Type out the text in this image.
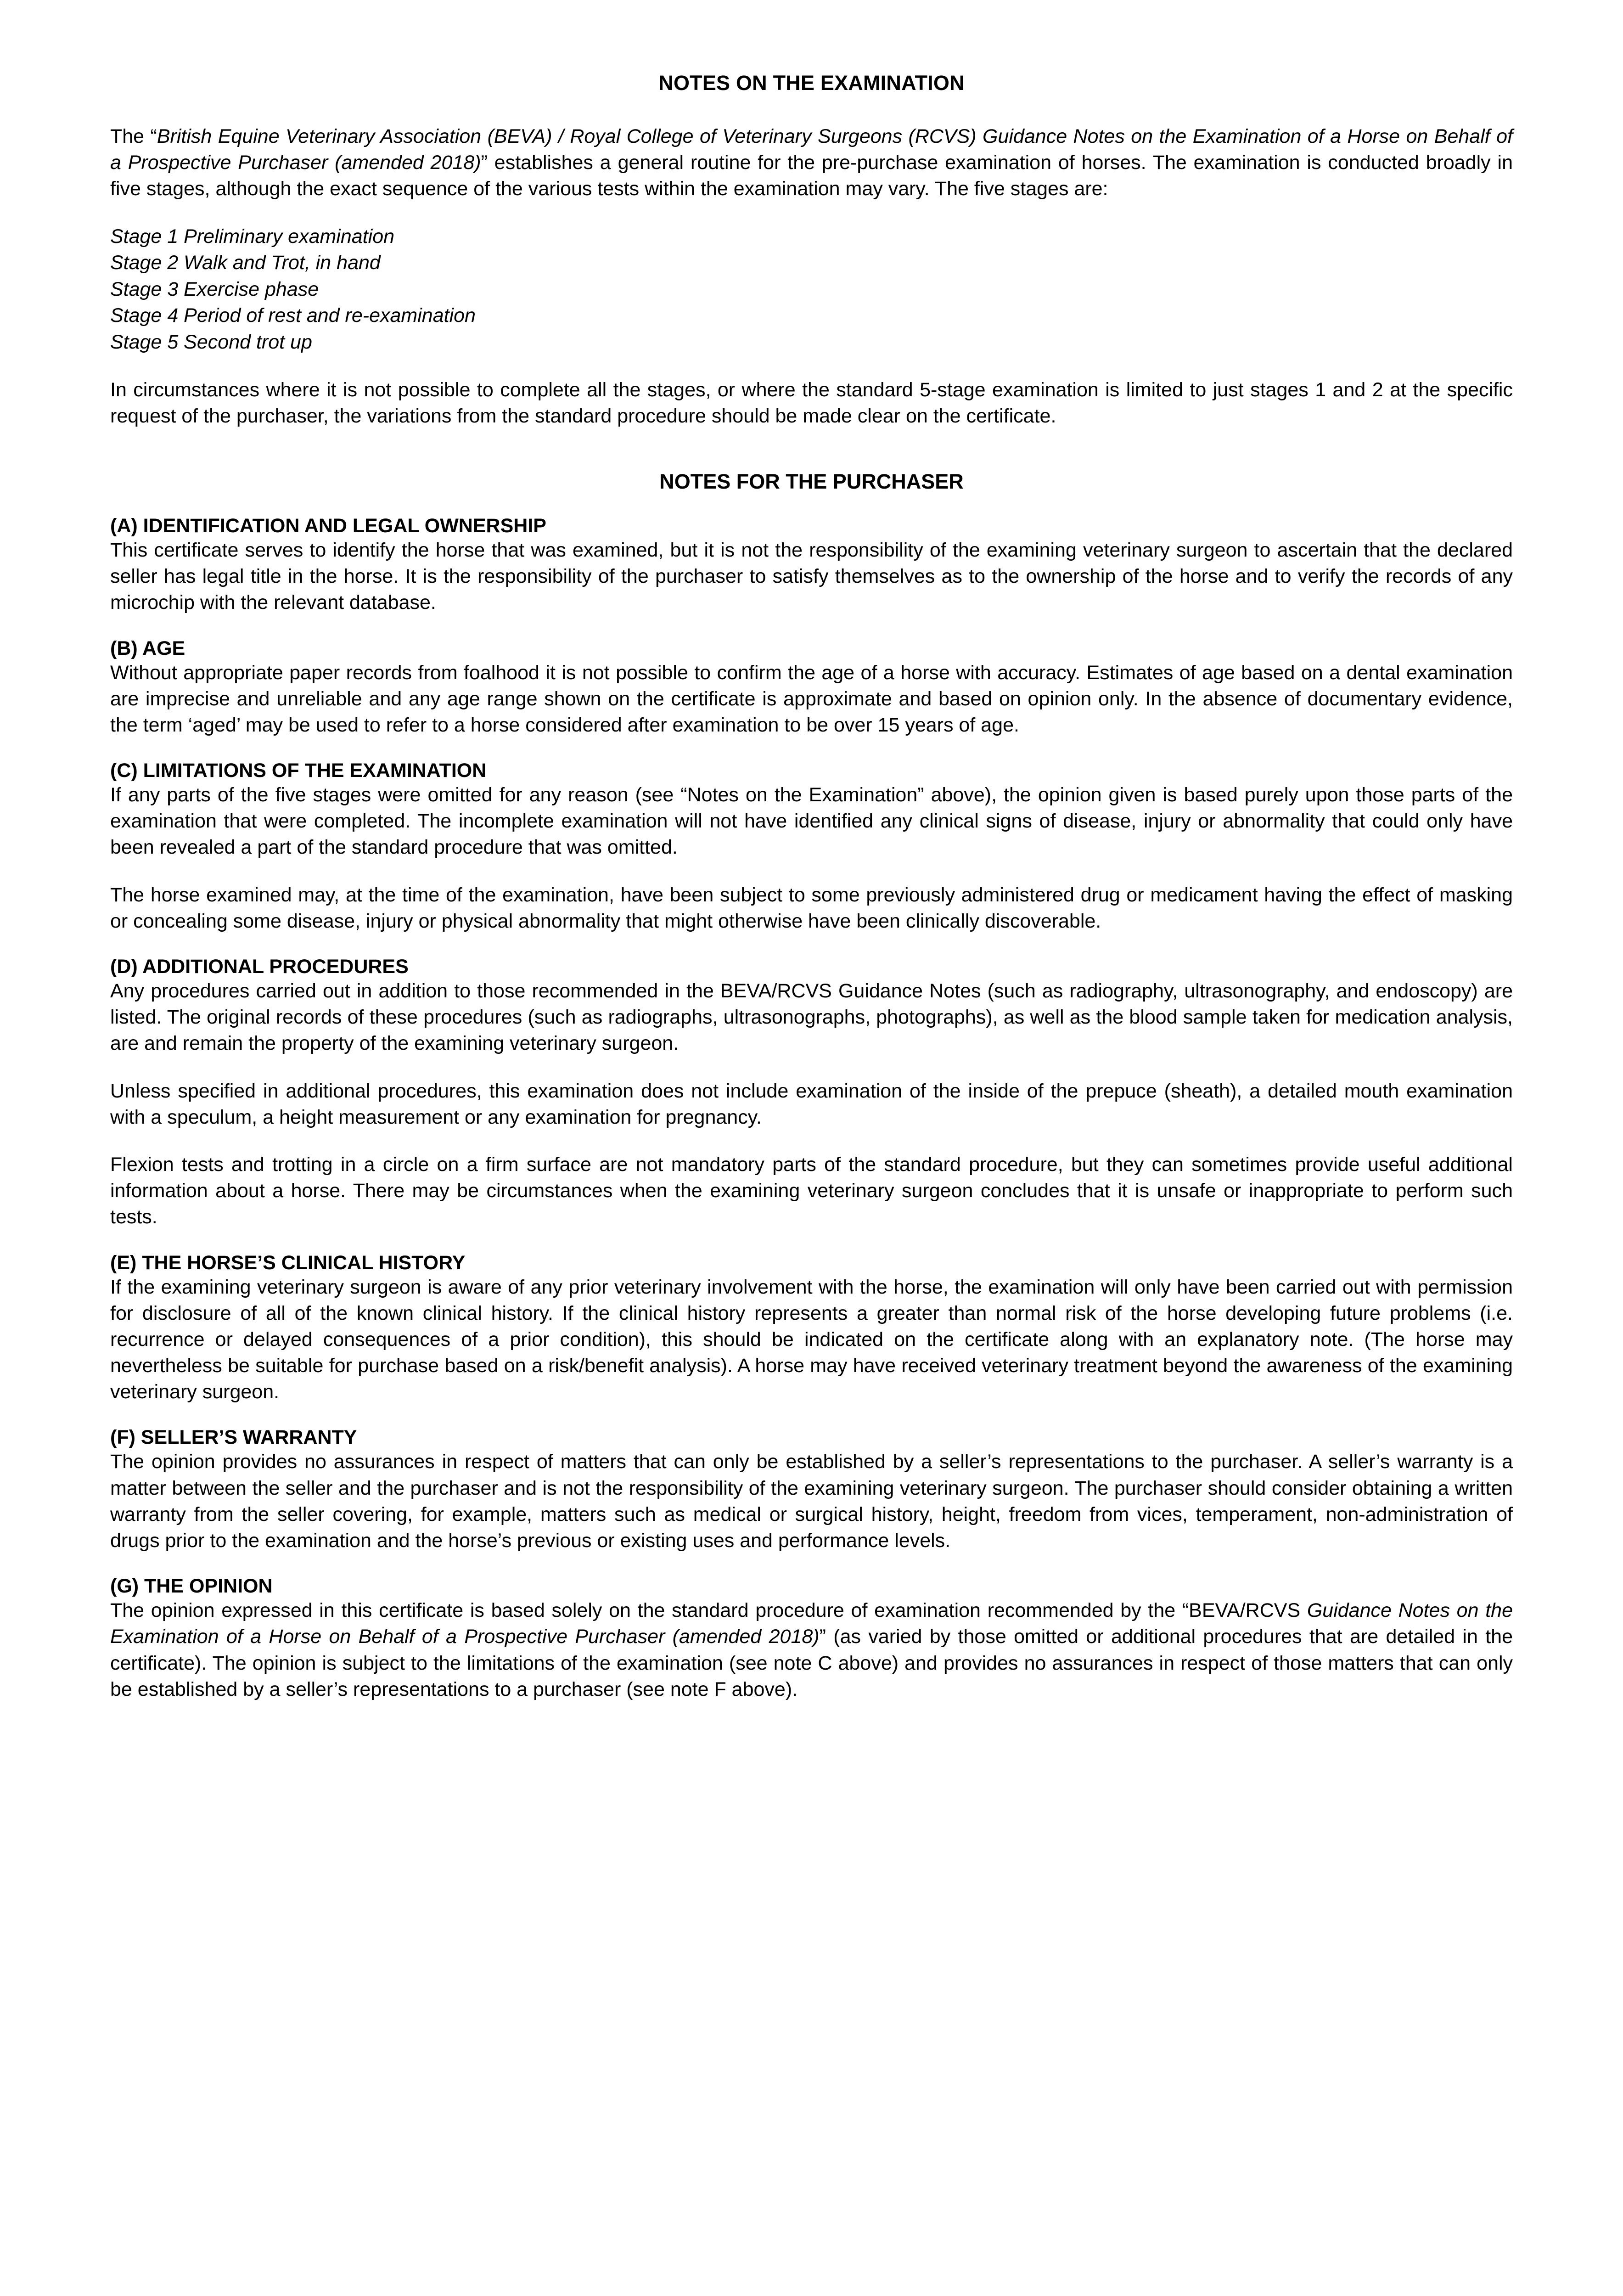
NOTES ON THE EXAMINATION

The “British Equine Veterinary Association (BEVA) / Royal College of Veterinary Surgeons (RCVS) Guidance Notes on the Examination of a Horse on Behalf of a Prospective Purchaser (amended 2018)” establishes a general routine for the pre-purchase examination of horses. The examination is conducted broadly in five stages, although the exact sequence of the various tests within the examination may vary. The five stages are:

Stage 1 Preliminary examination
Stage 2 Walk and Trot, in hand
Stage 3 Exercise phase
Stage 4 Period of rest and re-examination
Stage 5 Second trot up

In circumstances where it is not possible to complete all the stages, or where the standard 5-stage examination is limited to just stages 1 and 2 at the specific request of the purchaser, the variations from the standard procedure should be made clear on the certificate.

NOTES FOR THE PURCHASER
(A) IDENTIFICATION AND LEGAL OWNERSHIP

This certificate serves to identify the horse that was examined, but it is not the responsibility of the examining veterinary surgeon to ascertain that the declared seller has legal title in the horse. It is the responsibility of the purchaser to satisfy themselves as to the ownership of the horse and to verify the records of any microchip with the relevant database.

(B) AGE

Without appropriate paper records from foalhood it is not possible to confirm the age of a horse with accuracy. Estimates of age based on a dental examination are imprecise and unreliable and any age range shown on the certificate is approximate and based on opinion only. In the absence of documentary evidence, the term ‘aged’ may be used to refer to a horse considered after examination to be over 15 years of age.

(C) LIMITATIONS OF THE EXAMINATION

If any parts of the five stages were omitted for any reason (see “Notes on the Examination” above), the opinion given is based purely upon those parts of the examination that were completed. The incomplete examination will not have identified any clinical signs of disease, injury or abnormality that could only have been revealed a part of the standard procedure that was omitted.

The horse examined may, at the time of the examination, have been subject to some previously administered drug or medicament having the effect of masking or concealing some disease, injury or physical abnormality that might otherwise have been clinically discoverable.

(D) ADDITIONAL PROCEDURES

Any procedures carried out in addition to those recommended in the BEVA/RCVS Guidance Notes (such as radiography, ultrasonography, and endoscopy) are listed. The original records of these procedures (such as radiographs, ultrasonographs, photographs), as well as the blood sample taken for medication analysis, are and remain the property of the examining veterinary surgeon.

Unless specified in additional procedures, this examination does not include examination of the inside of the prepuce (sheath), a detailed mouth examination with a speculum, a height measurement or any examination for pregnancy.

Flexion tests and trotting in a circle on a firm surface are not mandatory parts of the standard procedure, but they can sometimes provide useful additional information about a horse. There may be circumstances when the examining veterinary surgeon concludes that it is unsafe or inappropriate to perform such tests.

(E) THE HORSE’S CLINICAL HISTORY

If the examining veterinary surgeon is aware of any prior veterinary involvement with the horse, the examination will only have been carried out with permission for disclosure of all of the known clinical history. If the clinical history represents a greater than normal risk of the horse developing future problems (i.e. recurrence or delayed consequences of a prior condition), this should be indicated on the certificate along with an explanatory note. (The horse may nevertheless be suitable for purchase based on a risk/benefit analysis). A horse may have received veterinary treatment beyond the awareness of the examining veterinary surgeon.

(F) SELLER’S WARRANTY

The opinion provides no assurances in respect of matters that can only be established by a seller’s representations to the purchaser. A seller’s warranty is a matter between the seller and the purchaser and is not the responsibility of the examining veterinary surgeon. The purchaser should consider obtaining a written warranty from the seller covering, for example, matters such as medical or surgical history, height, freedom from vices, temperament, non-administration of drugs prior to the examination and the horse’s previous or existing uses and performance levels.

(G) THE OPINION

The opinion expressed in this certificate is based solely on the standard procedure of examination recommended by the “BEVA/RCVS Guidance Notes on the Examination of a Horse on Behalf of a Prospective Purchaser (amended 2018)” (as varied by those omitted or additional procedures that are detailed in the certificate). The opinion is subject to the limitations of the examination (see note C above) and provides no assurances in respect of those matters that can only be established by a seller’s representations to a purchaser (see note F above).
